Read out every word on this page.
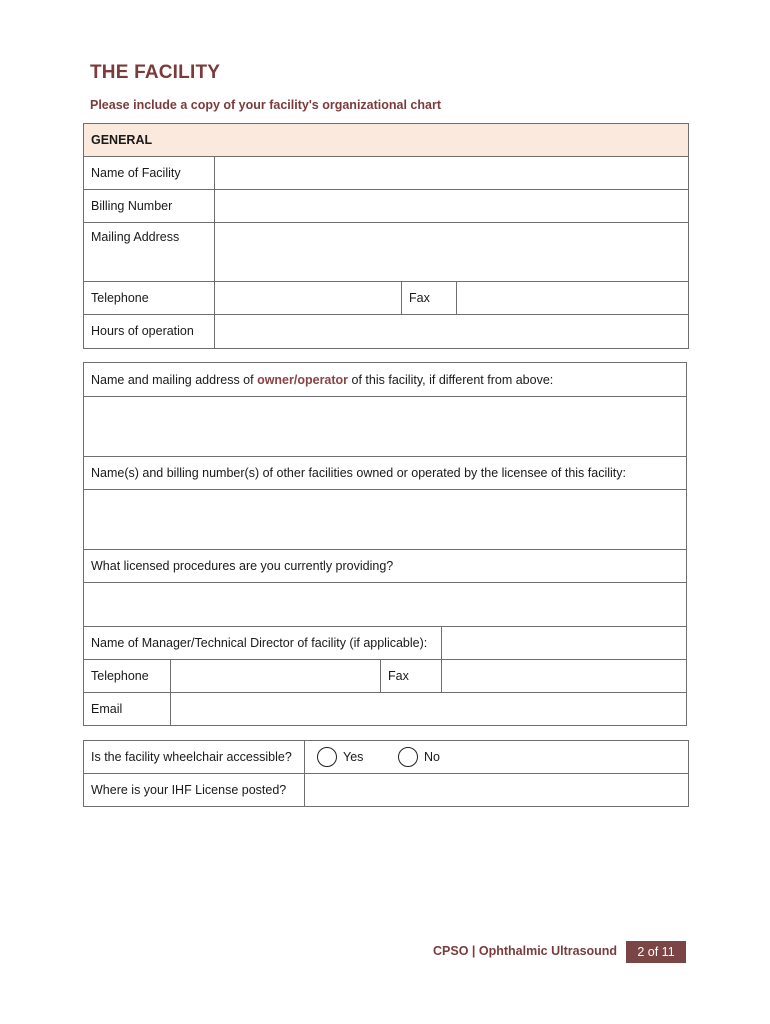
THE FACILITY
Please include a copy of your facility's organizational chart
GENERAL
Name of Facility
Billing Number
Mailing Address
Telephone	Fax
Hours of operation
Name and mailing address of owner/operator of this facility, if different from above:
Name(s) and billing number(s) of other facilities owned or operated by the licensee of this facility:
What licensed procedures are you currently providing?
Name of Manager/Technical Director of facility (if applicable):
Telephone	Fax
Email
Is the facility wheelchair accessible?	Yes	No
Where is your IHF License posted?
CPSO | Ophthalmic Ultrasound	2 of 11
